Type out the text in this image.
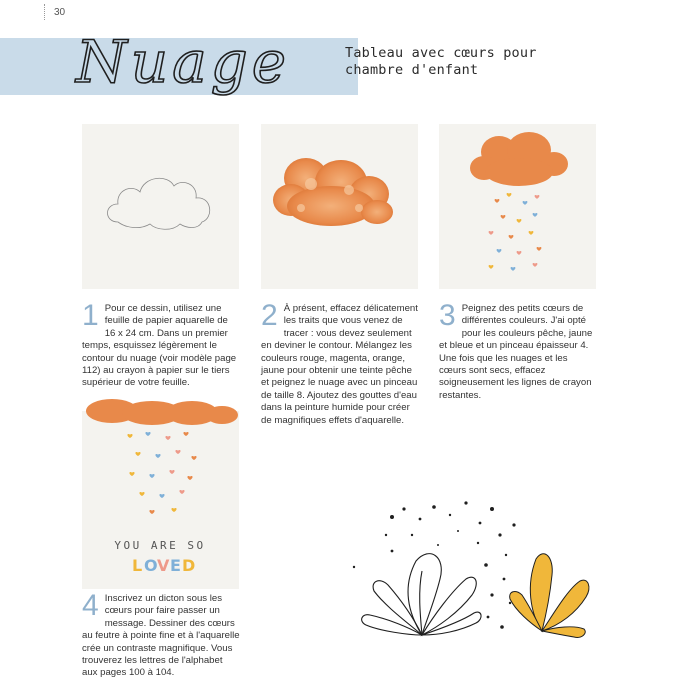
30
Nuage	Tableau avec cœurs pour
chambre d'enfant
YOU ARE SO
L O
V
E D
1 Pour ce dessin, utilisez une feuille de papier aquarelle de 16 x 24 cm. Dans un premier temps, esquissez légèrement le contour du nuage (voir modèle page 112) au crayon à papier sur le tiers supérieur de votre feuille.
2 À présent, effacez délicatement les traits que vous venez de tracer : vous devez seulement en deviner le contour. Mélangez les couleurs rouge, magenta, orange, jaune pour obtenir une teinte pêche et peignez le nuage avec un pinceau de taille 8. Ajoutez des gouttes d'eau dans la peinture humide pour créer de magnifiques effets d'aquarelle.
3 Peignez des petits cœurs de différentes couleurs. J'ai opté pour les couleurs pêche, jaune et bleue et un pinceau épaisseur 4. Une fois que les nuages et les cœurs sont secs, effacez soigneusement les lignes de crayon restantes.
4 Inscrivez un dicton sous les cœurs pour faire passer un message. Dessiner des cœurs au feutre à pointe fine et à l'aquarelle crée un contraste magnifique. Vous trouverez les lettres de l'alphabet aux pages 100 à 104.
